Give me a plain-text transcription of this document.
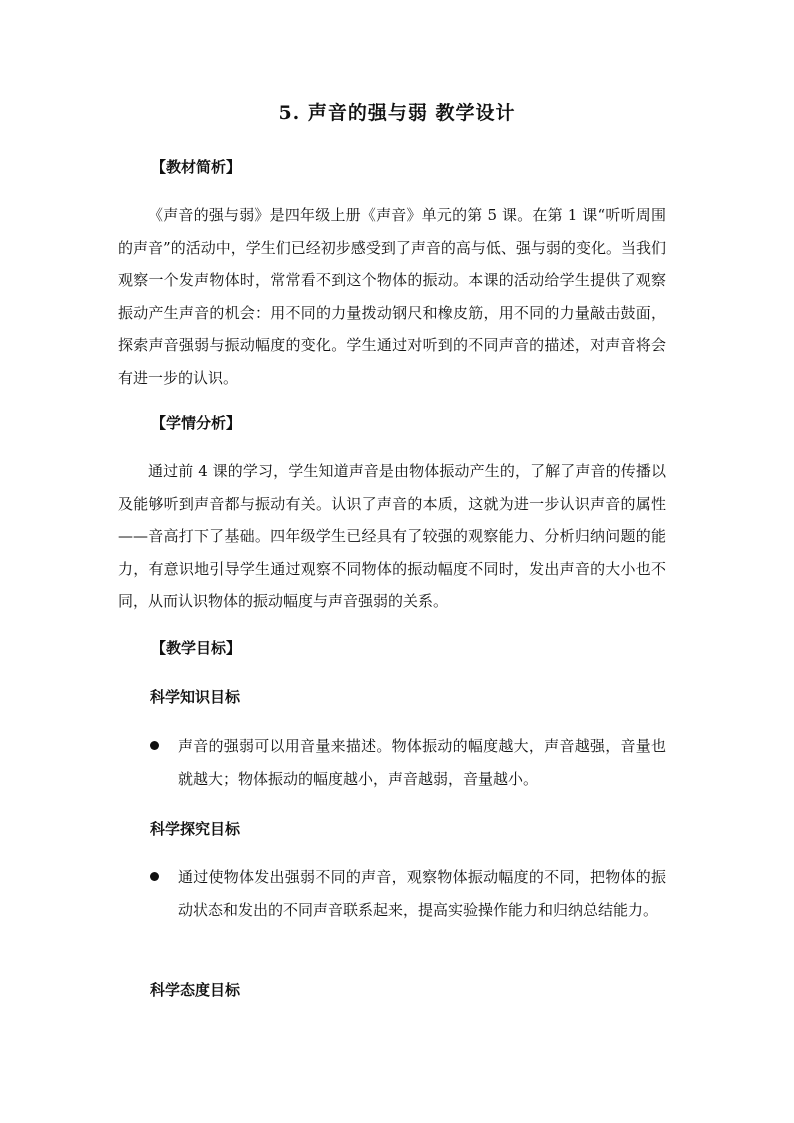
5. 声音的强与弱 教学设计
【教材简析】

《声音的强与弱》是四年级上册《声音》单元的第 5 课。在第 1 课“听听周围的声音”的活动中，学生们已经初步感受到了声音的高与低、强与弱的变化。当我们观察一个发声物体时，常常看不到这个物体的振动。本课的活动给学生提供了观察振动产生声音的机会：用不同的力量拨动钢尺和橡皮筋，用不同的力量敲击鼓面，探索声音强弱与振动幅度的变化。学生通过对听到的不同声音的描述，对声音将会有进一步的认识。

【学情分析】

通过前 4 课的学习，学生知道声音是由物体振动产生的，了解了声音的传播以及能够听到声音都与振动有关。认识了声音的本质，这就为进一步认识声音的属性——音高打下了基础。四年级学生已经具有了较强的观察能力、分析归纳问题的能力，有意识地引导学生通过观察不同物体的振动幅度不同时，发出声音的大小也不同，从而认识物体的振动幅度与声音强弱的关系。

【教学目标】
科学知识目标

声音的强弱可以用音量来描述。物体振动的幅度越大，声音越强，音量也就越大；物体振动的幅度越小，声音越弱，音量越小。

科学探究目标

通过使物体发出强弱不同的声音，观察物体振动幅度的不同，把物体的振动状态和发出的不同声音联系起来，提高实验操作能力和归纳总结能力。

科学态度目标
